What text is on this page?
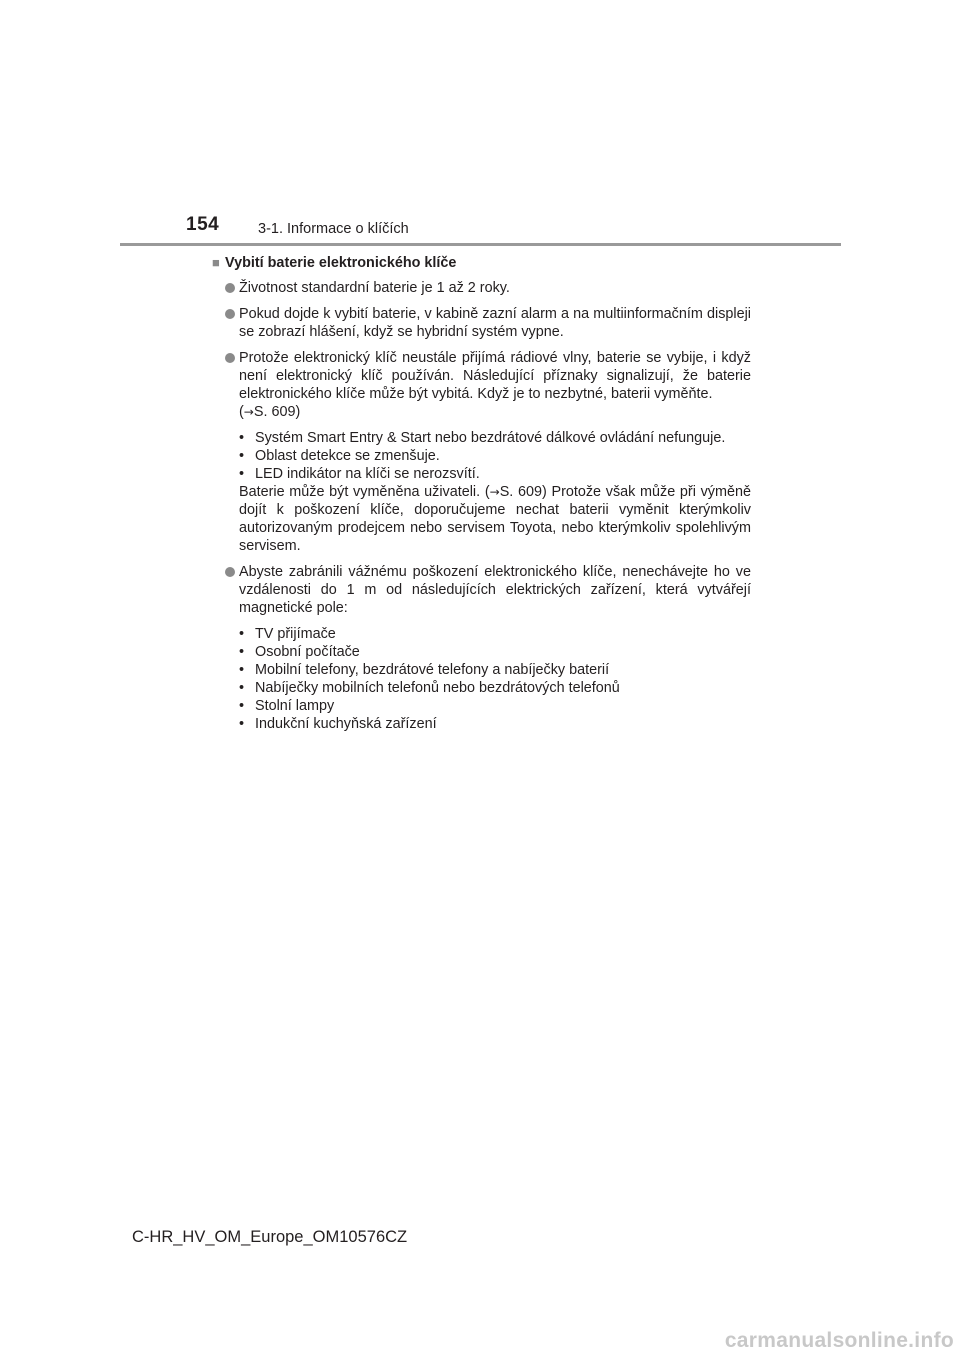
154	3-1. Informace o klíčích
■ Vybití baterie elektronického klíče
Životnost standardní baterie je 1 až 2 roky.
Pokud dojde k vybití baterie, v kabině zazní alarm a na multiinformačním displeji se zobrazí hlášení, když se hybridní systém vypne.
Protože elektronický klíč neustále přijímá rádiové vlny, baterie se vybije, i když není elektronický klíč používán. Následující příznaky signalizují, že baterie elektronického klíče může být vybitá. Když je to nezbytné, baterii vyměňte.
(→S. 609)
• Systém Smart Entry & Start nebo bezdrátové dálkové ovládání nefunguje.
• Oblast detekce se zmenšuje.
• LED indikátor na klíči se nerozsvítí.
Baterie může být vyměněna uživateli. (→S. 609) Protože však může při výměně dojít k poškození klíče, doporučujeme nechat baterii vyměnit kterýmkoliv autorizovaným prodejcem nebo servisem Toyota, nebo kterýmkoliv spolehlivým servisem.
Abyste zabránili vážnému poškození elektronického klíče, nenechávejte ho ve vzdálenosti do 1 m od následujících elektrických zařízení, která vytvářejí magnetické pole:
• TV přijímače
• Osobní počítače
• Mobilní telefony, bezdrátové telefony a nabíječky baterií
• Nabíječky mobilních telefonů nebo bezdrátových telefonů
• Stolní lampy
• Indukční kuchyňská zařízení
C-HR_HV_OM_Europe_OM10576CZ
carmanualsonline.info
